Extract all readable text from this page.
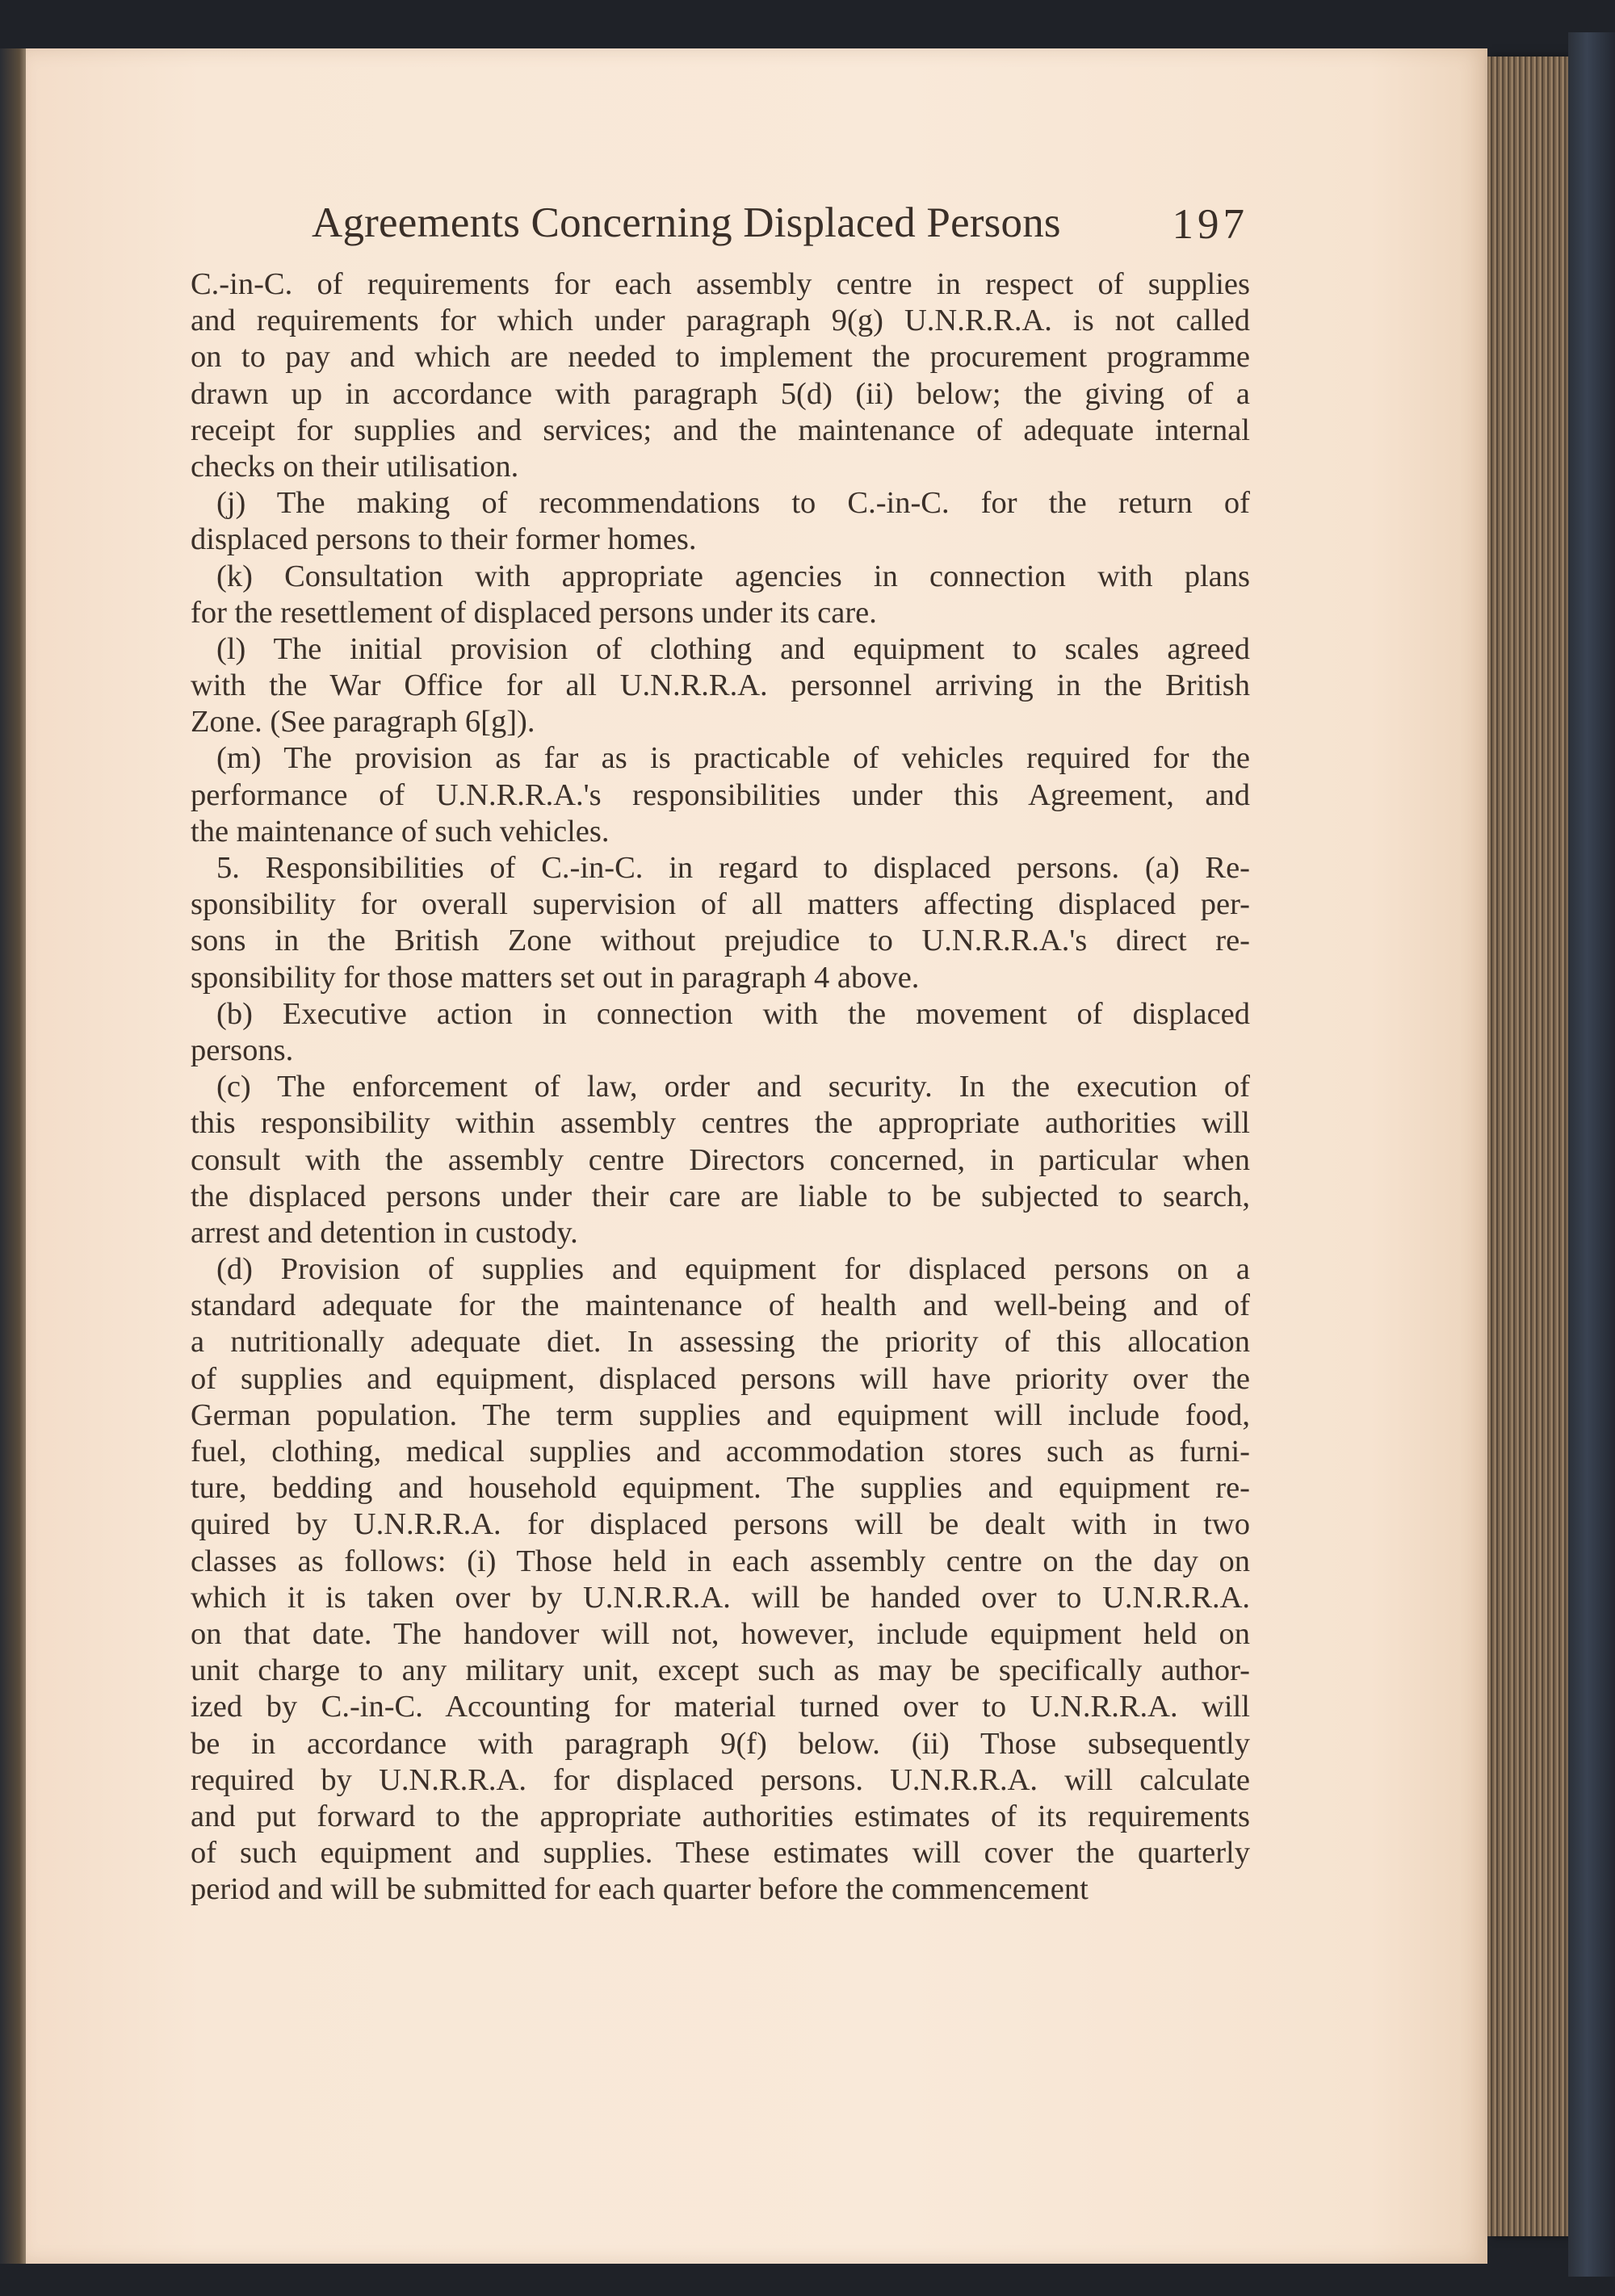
Agreements Concerning Displaced Persons	197
C.-in-C. of requirements for each assembly centre in respect of supplies
and requirements for which under paragraph 9(g) U.N.R.R.A. is not called
on to pay and which are needed to implement the procurement programme
drawn up in accordance with paragraph 5(d) (ii) below; the giving of a
receipt for supplies and services; and the maintenance of adequate internal
checks on their utilisation.
(j) The making of recommendations to C.-in-C. for the return of
displaced persons to their former homes.
(k) Consultation with appropriate agencies in connection with plans
for the resettlement of displaced persons under its care.
(l) The initial provision of clothing and equipment to scales agreed
with the War Office for all U.N.R.R.A. personnel arriving in the British
Zone. (See paragraph 6[g]).
(m) The provision as far as is practicable of vehicles required for the
performance of U.N.R.R.A.'s responsibilities under this Agreement, and
the maintenance of such vehicles.
5. Responsibilities of C.-in-C. in regard to displaced persons. (a) Re-
sponsibility for overall supervision of all matters affecting displaced per-
sons in the British Zone without prejudice to U.N.R.R.A.'s direct re-
sponsibility for those matters set out in paragraph 4 above.
(b) Executive action in connection with the movement of displaced
persons.
(c) The enforcement of law, order and security. In the execution of
this responsibility within assembly centres the appropriate authorities will
consult with the assembly centre Directors concerned, in particular when
the displaced persons under their care are liable to be subjected to search,
arrest and detention in custody.
(d) Provision of supplies and equipment for displaced persons on a
standard adequate for the maintenance of health and well-being and of
a nutritionally adequate diet. In assessing the priority of this allocation
of supplies and equipment, displaced persons will have priority over the
German population. The term supplies and equipment will include food,
fuel, clothing, medical supplies and accommodation stores such as furni-
ture, bedding and household equipment. The supplies and equipment re-
quired by U.N.R.R.A. for displaced persons will be dealt with in two
classes as follows: (i) Those held in each assembly centre on the day on
which it is taken over by U.N.R.R.A. will be handed over to U.N.R.R.A.
on that date. The handover will not, however, include equipment held on
unit charge to any military unit, except such as may be specifically author-
ized by C.-in-C. Accounting for material turned over to U.N.R.R.A. will
be in accordance with paragraph 9(f) below. (ii) Those subsequently
required by U.N.R.R.A. for displaced persons. U.N.R.R.A. will calculate
and put forward to the appropriate authorities estimates of its requirements
of such equipment and supplies. These estimates will cover the quarterly
period and will be submitted for each quarter before the commencement
